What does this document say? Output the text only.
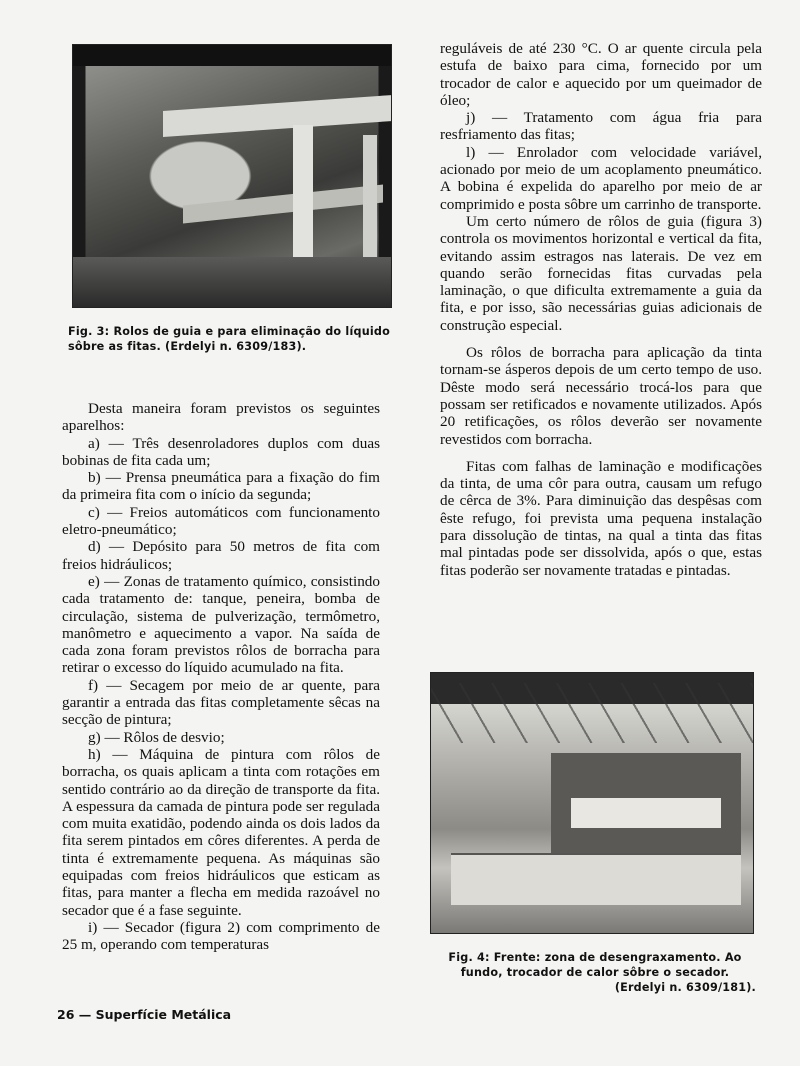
Fig. 3: Rolos de guia e para eliminação do líquido sôbre as fitas. (Erdelyi n. 6309/183).

Desta maneira foram previstos os seguintes aparelhos:

a) — Três desenroladores duplos com duas bobinas de fita cada um;

b) — Prensa pneumática para a fixação do fim da primeira fita com o início da segunda;

c) — Freios automáticos com funcionamento eletro-pneumático;

d) — Depósito para 50 metros de fita com freios hidráulicos;

e) — Zonas de tratamento químico, consistindo cada tratamento de: tanque, peneira, bomba de circulação, sistema de pulverização, termômetro, manômetro e aquecimento a vapor. Na saída de cada zona foram previstos rôlos de borracha para retirar o excesso do líquido acumulado na fita.

f) — Secagem por meio de ar quente, para garantir a entrada das fitas completamente sêcas na secção de pintura;

g) — Rôlos de desvio;

h) — Máquina de pintura com rôlos de borracha, os quais aplicam a tinta com rotações em sentido contrário ao da direção de transporte da fita. A espessura da camada de pintura pode ser regulada com muita exatidão, podendo ainda os dois lados da fita serem pintados em côres diferentes. A perda de tinta é extremamente pequena. As máquinas são equipadas com freios hidráulicos que esticam as fitas, para manter a flecha em medida razoável no secador que é a fase seguinte.

i) — Secador (figura 2) com comprimento de 25 m, operando com temperaturas

reguláveis de até 230 °C. O ar quente circula pela estufa de baixo para cima, fornecido por um trocador de calor e aquecido por um queimador de óleo;

j) — Tratamento com água fria para resfriamento das fitas;

l) — Enrolador com velocidade variável, acionado por meio de um acoplamento pneumático. A bobina é expelida do aparelho por meio de ar comprimido e posta sôbre um carrinho de transporte.

Um certo número de rôlos de guia (figura 3) controla os movimentos horizontal e vertical da fita, evitando assim estragos nas laterais. De vez em quando serão fornecidas fitas curvadas pela laminação, o que dificulta extremamente a guia da fita, e por isso, são necessárias guias adicionais de construção especial.

Os rôlos de borracha para aplicação da tinta tornam-se ásperos depois de um certo tempo de uso. Dêste modo será necessário trocá-los para que possam ser retificados e novamente utilizados. Após 20 retificações, os rôlos deverão ser novamente revestidos com borracha.

Fitas com falhas de laminação e modificações da tinta, de uma côr para outra, causam um refugo de cêrca de 3%. Para diminuição das despêsas com êste refugo, foi prevista uma pequena instalação para dissolução de tintas, na qual a tinta das fitas mal pintadas pode ser dissolvida, após o que, estas fitas poderão ser novamente tratadas e pintadas.

Fig. 4: Frente: zona de desengraxamento. Ao fundo, trocador de calor sôbre o secador.
(Erdelyi n. 6309/181).
26 — Superfície Metálica
